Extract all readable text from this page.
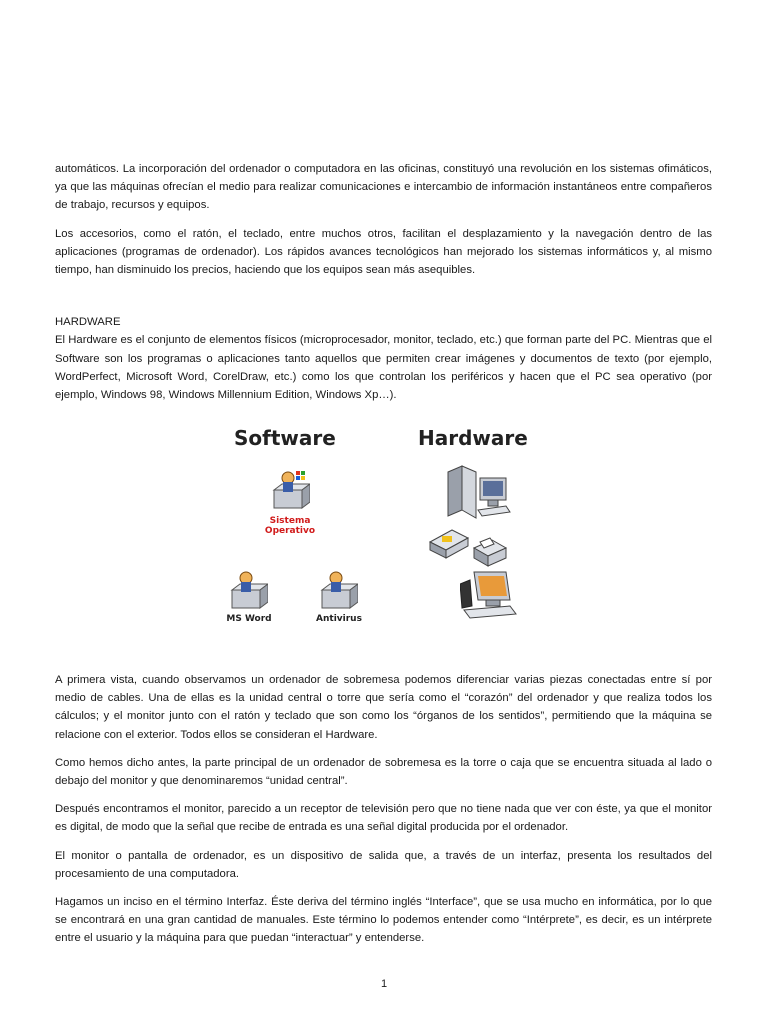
automáticos. La incorporación del ordenador o computadora en las oficinas, constituyó una revolución en los sistemas ofimáticos, ya que las máquinas ofrecían el medio para realizar comunicaciones e intercambio de información instantáneos entre compañeros de trabajo, recursos y equipos.

Los accesorios, como el ratón, el teclado, entre muchos otros, facilitan el desplazamiento y la navegación dentro de las aplicaciones (programas de ordenador). Los rápidos avances tecnológicos han mejorado los sistemas informáticos y, al mismo tiempo, han disminuido los precios, haciendo que los equipos sean más asequibles.

HARDWARE

El Hardware es el conjunto de elementos físicos (microprocesador, monitor, teclado, etc.) que forman parte del PC. Mientras que el Software son los programas o aplicaciones tanto aquellos que permiten crear imágenes y documentos de texto (por ejemplo, WordPerfect, Microsoft Word, CorelDraw, etc.) como los que controlan los periféricos y hacen que el PC sea operativo (por ejemplo, Windows 98, Windows Millennium Edition, Windows Xp…).

Software	Hardware
Sistema
Operativo
MS Word	Antivirus

A primera vista, cuando observamos un ordenador de sobremesa podemos diferenciar varias piezas conectadas entre sí por medio de cables. Una de ellas es la unidad central o torre que sería como el “corazón” del ordenador y que realiza todos los cálculos; y el monitor junto con el ratón y teclado que son como los “órganos de los sentidos”, permitiendo que la máquina se relacione con el exterior. Todos ellos se consideran el Hardware.

Como hemos dicho antes, la parte principal de un ordenador de sobremesa es la torre o caja que se encuentra situada al lado o debajo del monitor y que denominaremos “unidad central”.

Después encontramos el monitor, parecido a un receptor de televisión pero que no tiene nada que ver con éste, ya que el monitor es digital, de modo que la señal que recibe de entrada es una señal digital producida por el ordenador.

El monitor o pantalla de ordenador, es un dispositivo de salida que, a través de un interfaz, presenta los resultados del procesamiento de una computadora.

Hagamos un inciso en el término Interfaz. Éste deriva del término inglés “Interface”, que se usa mucho en informática, por lo que se encontrará en una gran cantidad de manuales. Este término lo podemos entender como “Intérprete”, es decir, es un intérprete entre el usuario y la máquina para que puedan “interactuar” y entenderse.

1
